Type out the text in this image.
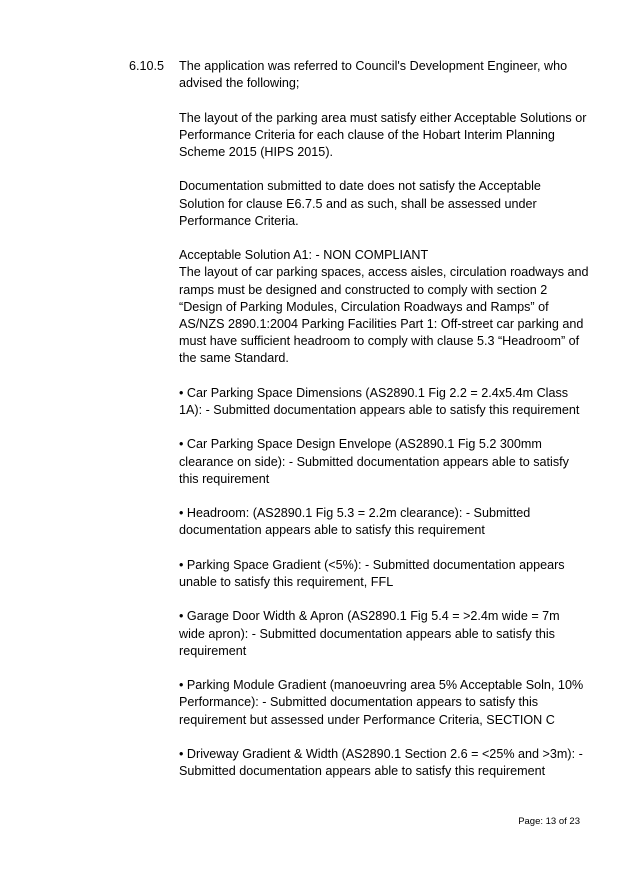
6.10.5 The application was referred to Council's Development Engineer, who advised the following;

The layout of the parking area must satisfy either Acceptable Solutions or Performance Criteria for each clause of the Hobart Interim Planning Scheme 2015 (HIPS 2015).

Documentation submitted to date does not satisfy the Acceptable Solution for clause E6.7.5 and as such, shall be assessed under Performance Criteria.

Acceptable Solution A1: - NON COMPLIANT

The layout of car parking spaces, access aisles, circulation roadways and ramps must be designed and constructed to comply with section 2 “Design of Parking Modules, Circulation Roadways and Ramps” of AS/NZS 2890.1:2004 Parking Facilities Part 1: Off-street car parking and must have sufficient headroom to comply with clause 5.3 “Headroom” of the same Standard.

• Car Parking Space Dimensions (AS2890.1 Fig 2.2 = 2.4x5.4m Class 1A): - Submitted documentation appears able to satisfy this requirement

• Car Parking Space Design Envelope (AS2890.1 Fig 5.2 300mm clearance on side): - Submitted documentation appears able to satisfy this requirement

• Headroom: (AS2890.1 Fig 5.3 = 2.2m clearance): - Submitted documentation appears able to satisfy this requirement

• Parking Space Gradient (<5%): - Submitted documentation appears unable to satisfy this requirement, FFL

• Garage Door Width & Apron (AS2890.1 Fig 5.4 = >2.4m wide = 7m wide apron): - Submitted documentation appears able to satisfy this requirement

• Parking Module Gradient (manoeuvring area 5% Acceptable Soln, 10% Performance): - Submitted documentation appears to satisfy this requirement but assessed under Performance Criteria, SECTION C

• Driveway Gradient & Width (AS2890.1 Section 2.6 = <25% and >3m): - Submitted documentation appears able to satisfy this requirement

Page: 13 of 23
